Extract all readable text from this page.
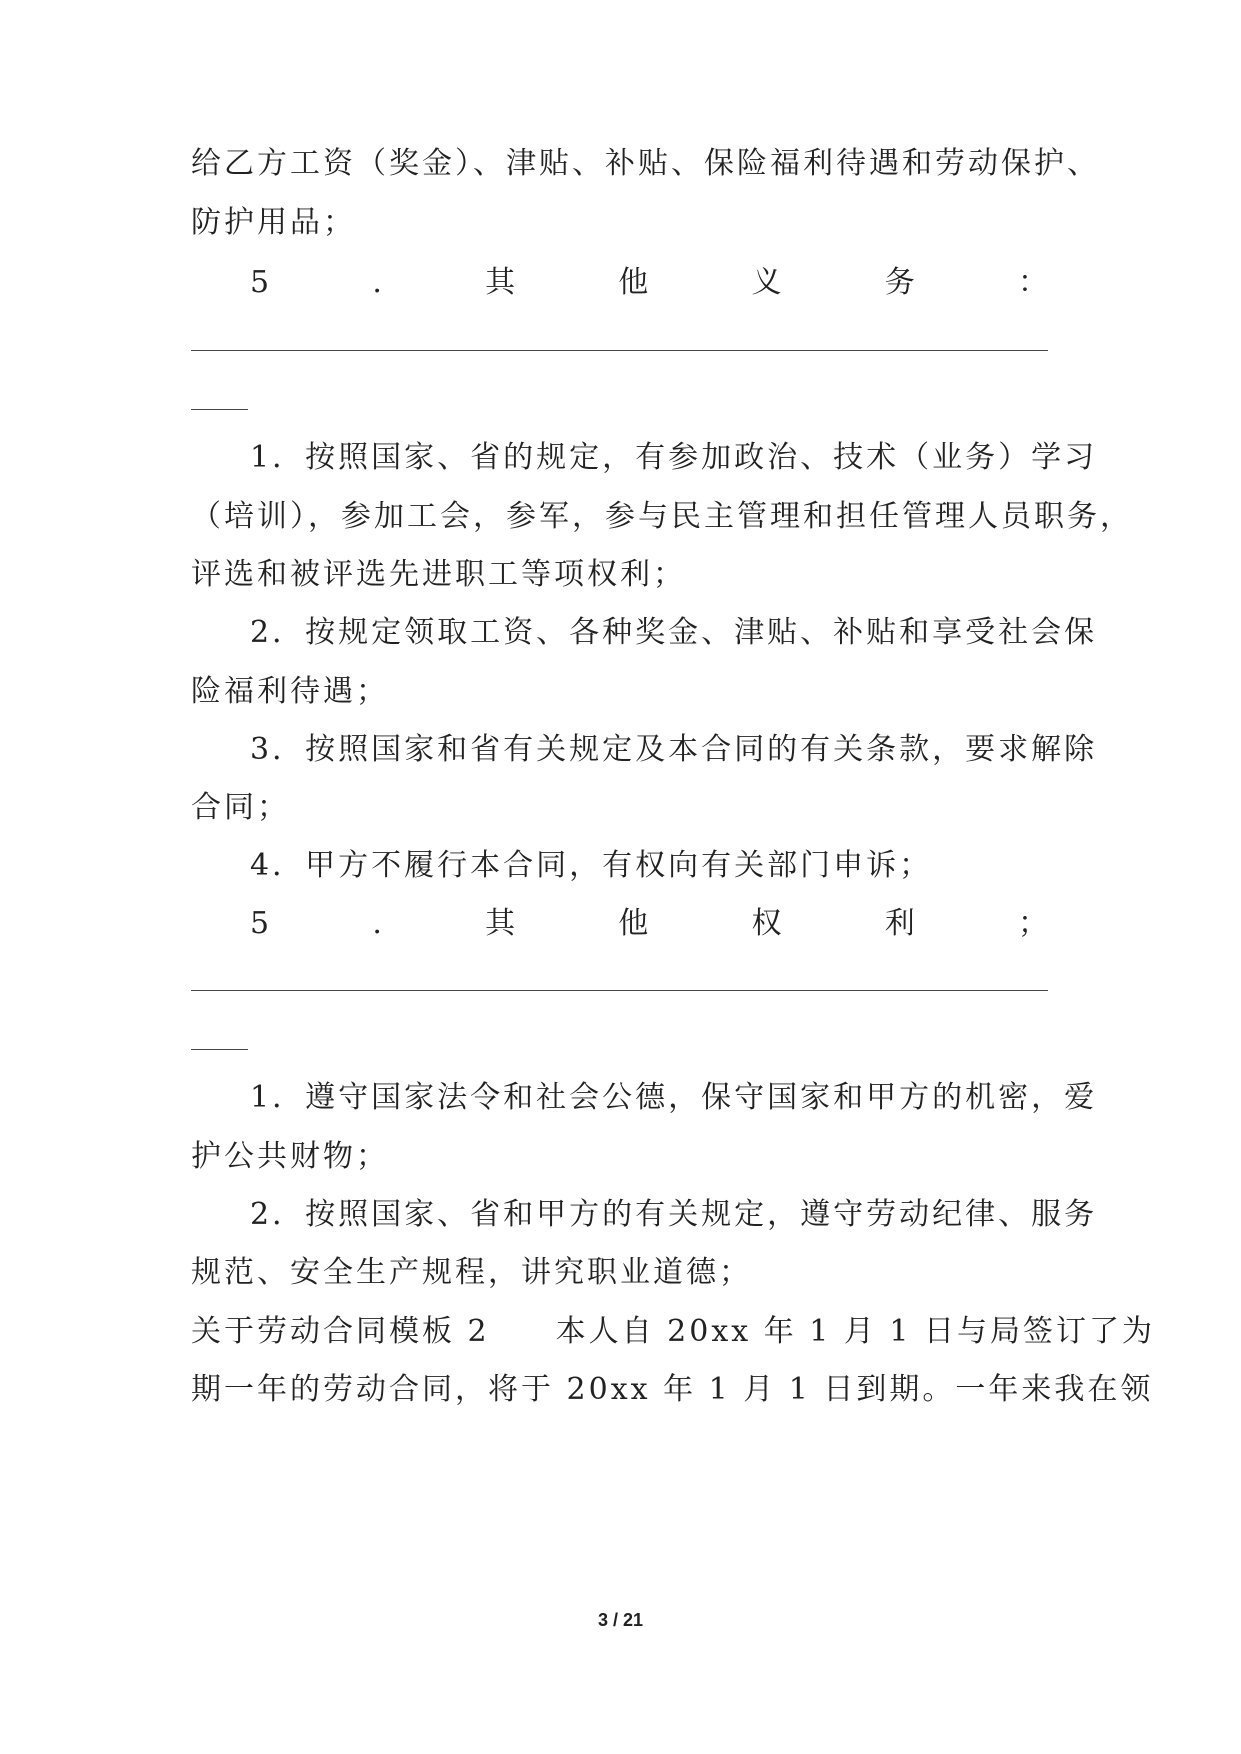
给乙方工资（奖金）、津贴、补贴、保险福利待遇和劳动保护、
防护用品；
5	.	其	他	义	务	：
1．按照国家、省的规定，有参加政治、技术（业务）学习
（培训），参加工会，参军，参与民主管理和担任管理人员职务，
评选和被评选先进职工等项权利；
2．按规定领取工资、各种奖金、津贴、补贴和享受社会保
险福利待遇；
3．按照国家和省有关规定及本合同的有关条款，要求解除
合同；
4．甲方不履行本合同，有权向有关部门申诉；
5	.	其	他	权	利	；
1．遵守国家法令和社会公德，保守国家和甲方的机密，爱
护公共财物；
2．按照国家、省和甲方的有关规定，遵守劳动纪律、服务
规范、安全生产规程，讲究职业道德；
关于劳动合同模板 2　　本人自 20xx 年 1 月 1 日与局签订了为
期一年的劳动合同，将于 20xx 年 1 月 1 日到期。一年来我在领
3 / 21
